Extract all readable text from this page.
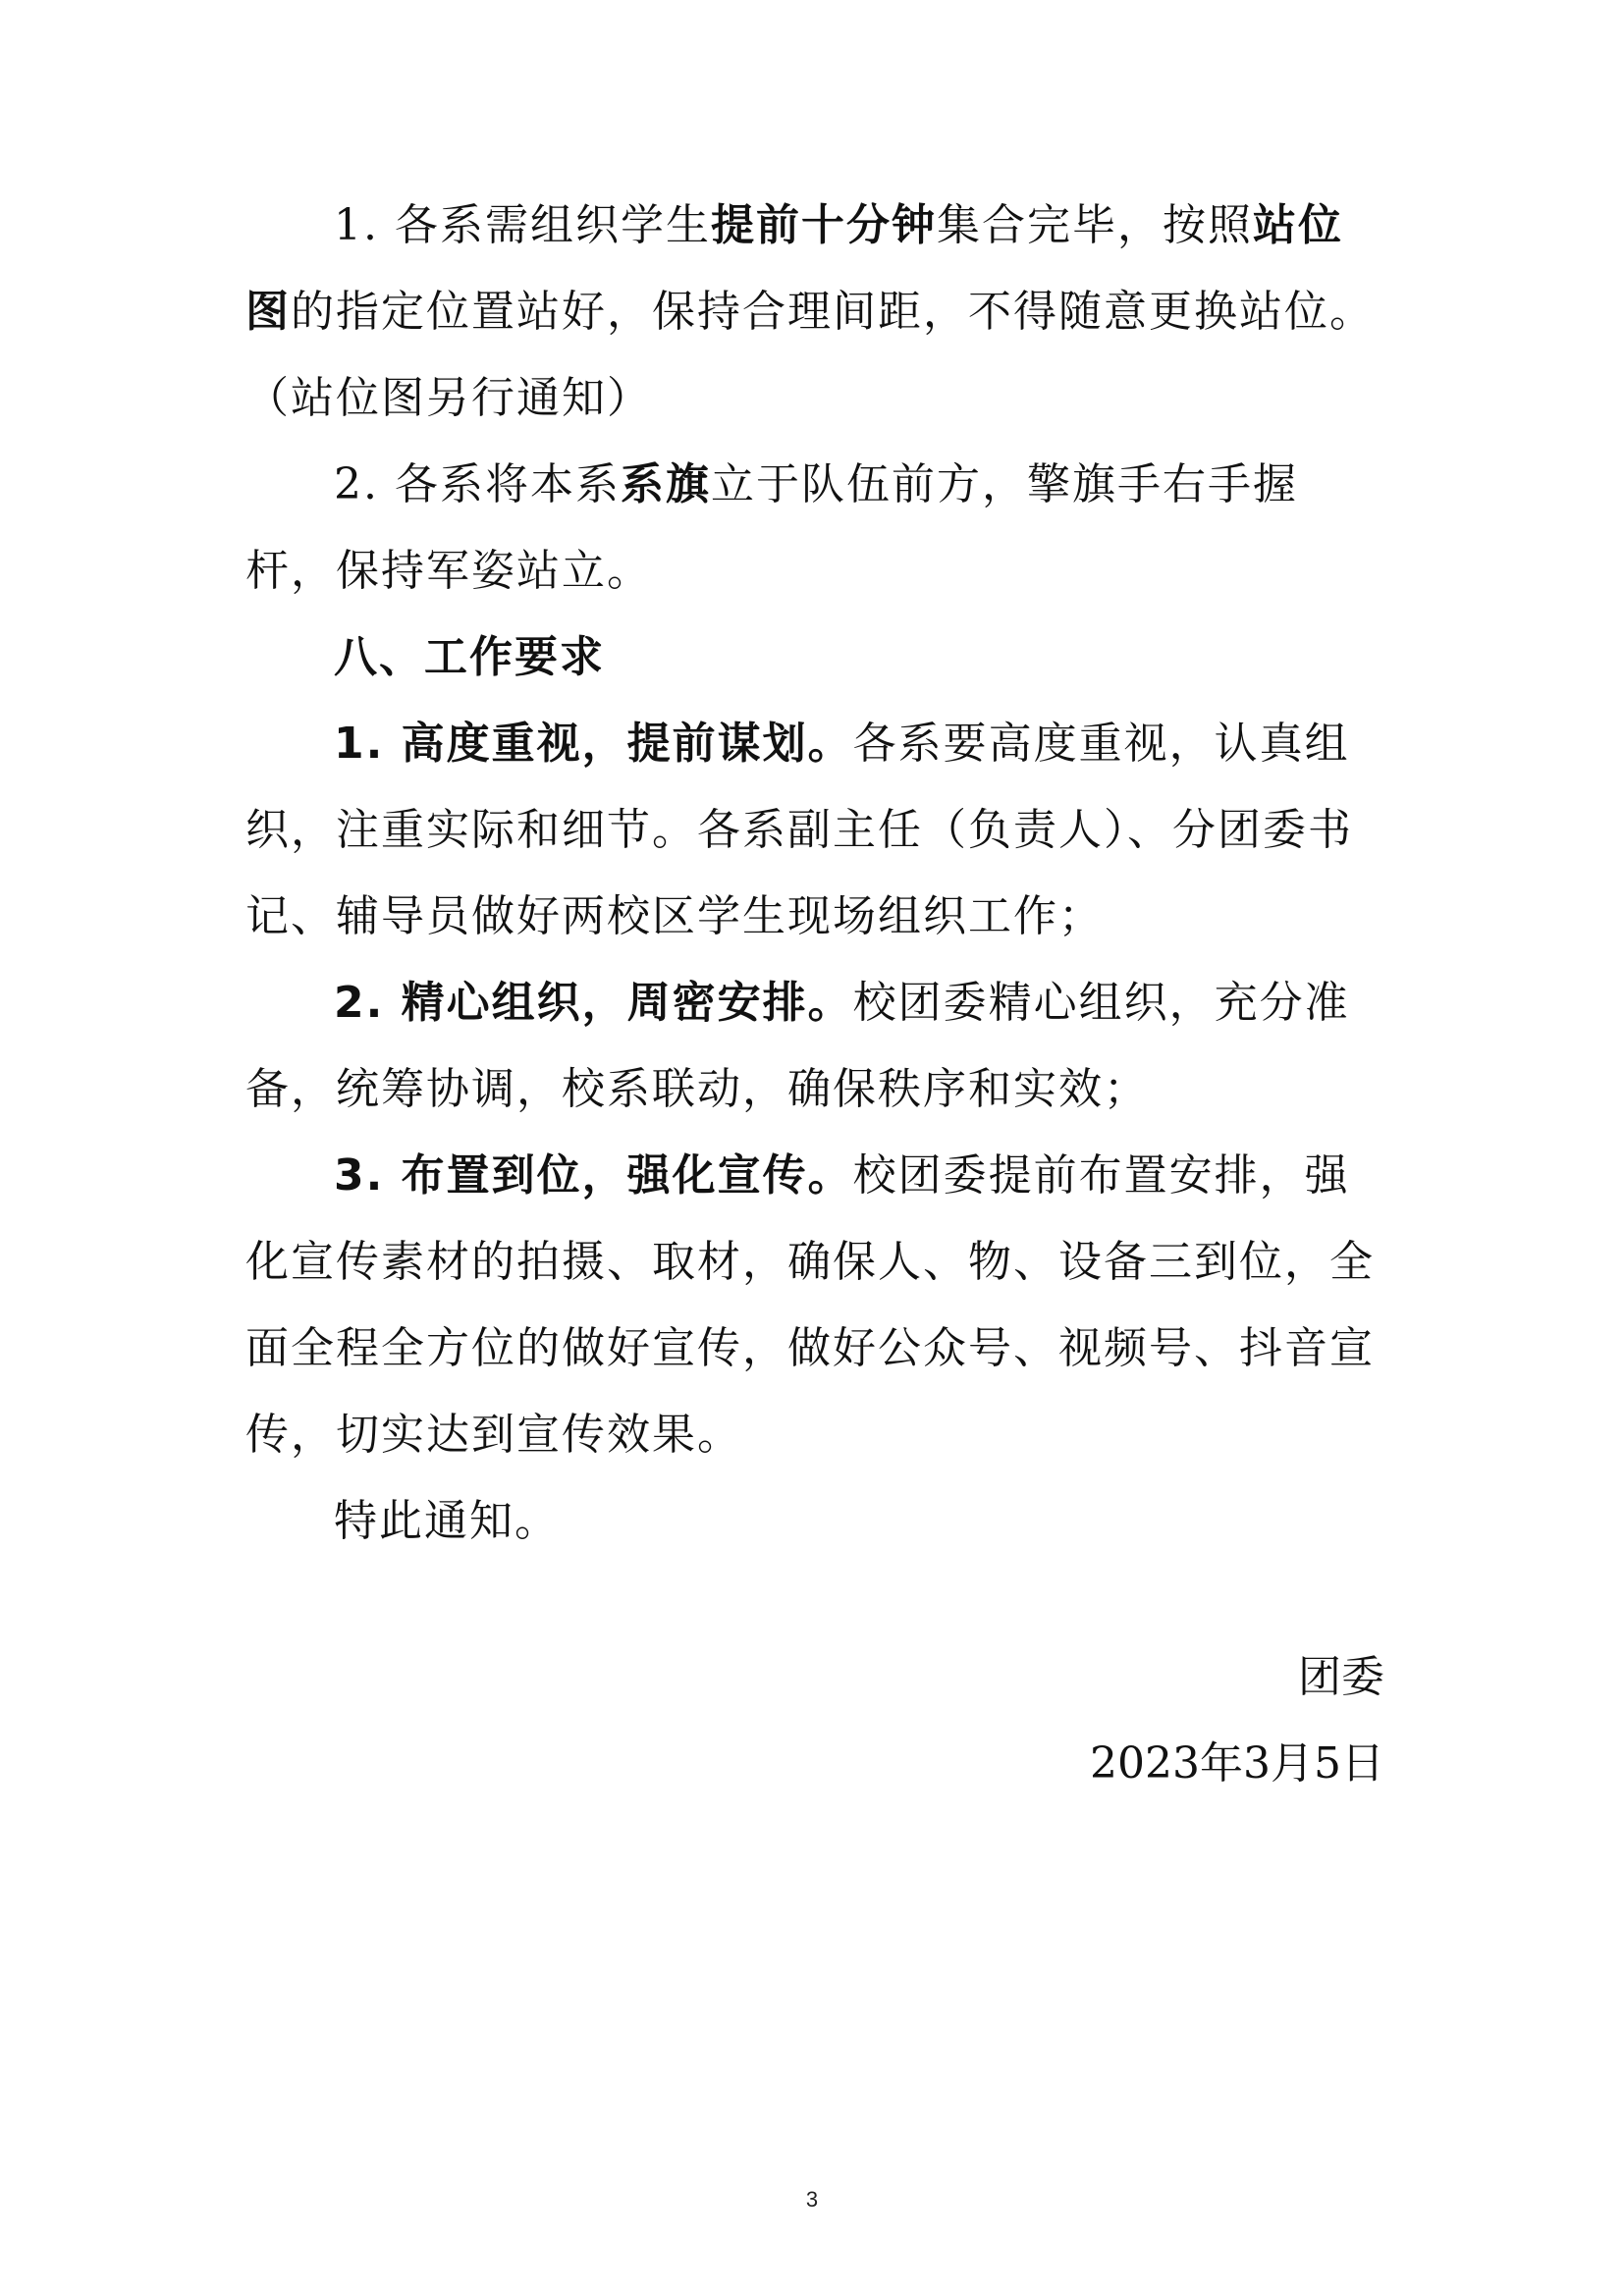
1. 各系需组织学生提前十分钟集合完毕，按照站位图的指定位置站好，保持合理间距，不得随意更换站位。（站位图另行通知）

2. 各系将本系系旗立于队伍前方，擎旗手右手握杆，保持军姿站立。

八、工作要求

1. 高度重视，提前谋划。各系要高度重视，认真组织，注重实际和细节。各系副主任（负责人）、分团委书记、辅导员做好两校区学生现场组织工作；

2. 精心组织，周密安排。校团委精心组织，充分准备，统筹协调，校系联动，确保秩序和实效；

3. 布置到位，强化宣传。校团委提前布置安排，强化宣传素材的拍摄、取材，确保人、物、设备三到位，全面全程全方位的做好宣传，做好公众号、视频号、抖音宣传，切实达到宣传效果。

特此通知。

团委
2023年3月5日
3
